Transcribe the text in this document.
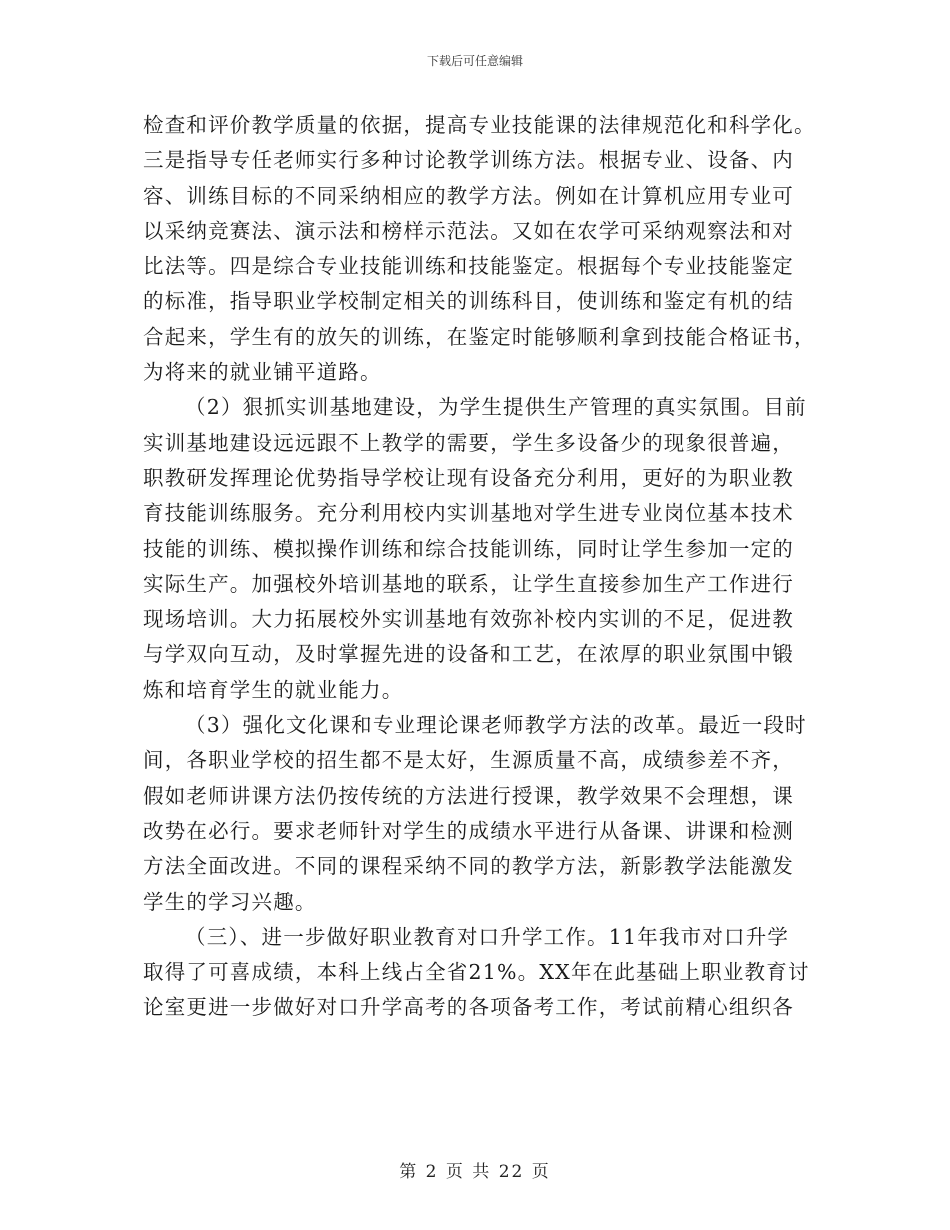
下载后可任意编辑

检查和评价教学质量的依据，提高专业技能课的法律规范化和科学化。

三是指导专任老师实行多种讨论教学训练方法。根据专业、设备、内

容、训练目标的不同采纳相应的教学方法。例如在计算机应用专业可

以采纳竞赛法、演示法和榜样示范法。又如在农学可采纳观察法和对

比法等。四是综合专业技能训练和技能鉴定。根据每个专业技能鉴定

的标准，指导职业学校制定相关的训练科目，使训练和鉴定有机的结

合起来，学生有的放矢的训练，在鉴定时能够顺利拿到技能合格证书，

为将来的就业铺平道路。

（2）狠抓实训基地建设，为学生提供生产管理的真实氛围。目前

实训基地建设远远跟不上教学的需要，学生多设备少的现象很普遍，

职教研发挥理论优势指导学校让现有设备充分利用，更好的为职业教

育技能训练服务。充分利用校内实训基地对学生进专业岗位基本技术

技能的训练、模拟操作训练和综合技能训练，同时让学生参加一定的

实际生产。加强校外培训基地的联系，让学生直接参加生产工作进行

现场培训。大力拓展校外实训基地有效弥补校内实训的不足，促进教

与学双向互动，及时掌握先进的设备和工艺，在浓厚的职业氛围中锻

炼和培育学生的就业能力。

（3）强化文化课和专业理论课老师教学方法的改革。最近一段时

间，各职业学校的招生都不是太好，生源质量不高，成绩参差不齐，

假如老师讲课方法仍按传统的方法进行授课，教学效果不会理想，课

改势在必行。要求老师针对学生的成绩水平进行从备课、讲课和检测

方法全面改进。不同的课程采纳不同的教学方法，新影教学法能激发

学生的学习兴趣。

（三）、进一步做好职业教育对口升学工作。11年我市对口升学

取得了可喜成绩，本科上线占全省21%。XX年在此基础上职业教育讨

论室更进一步做好对口升学高考的各项备考工作，考试前精心组织各

第 2 页 共 22 页
